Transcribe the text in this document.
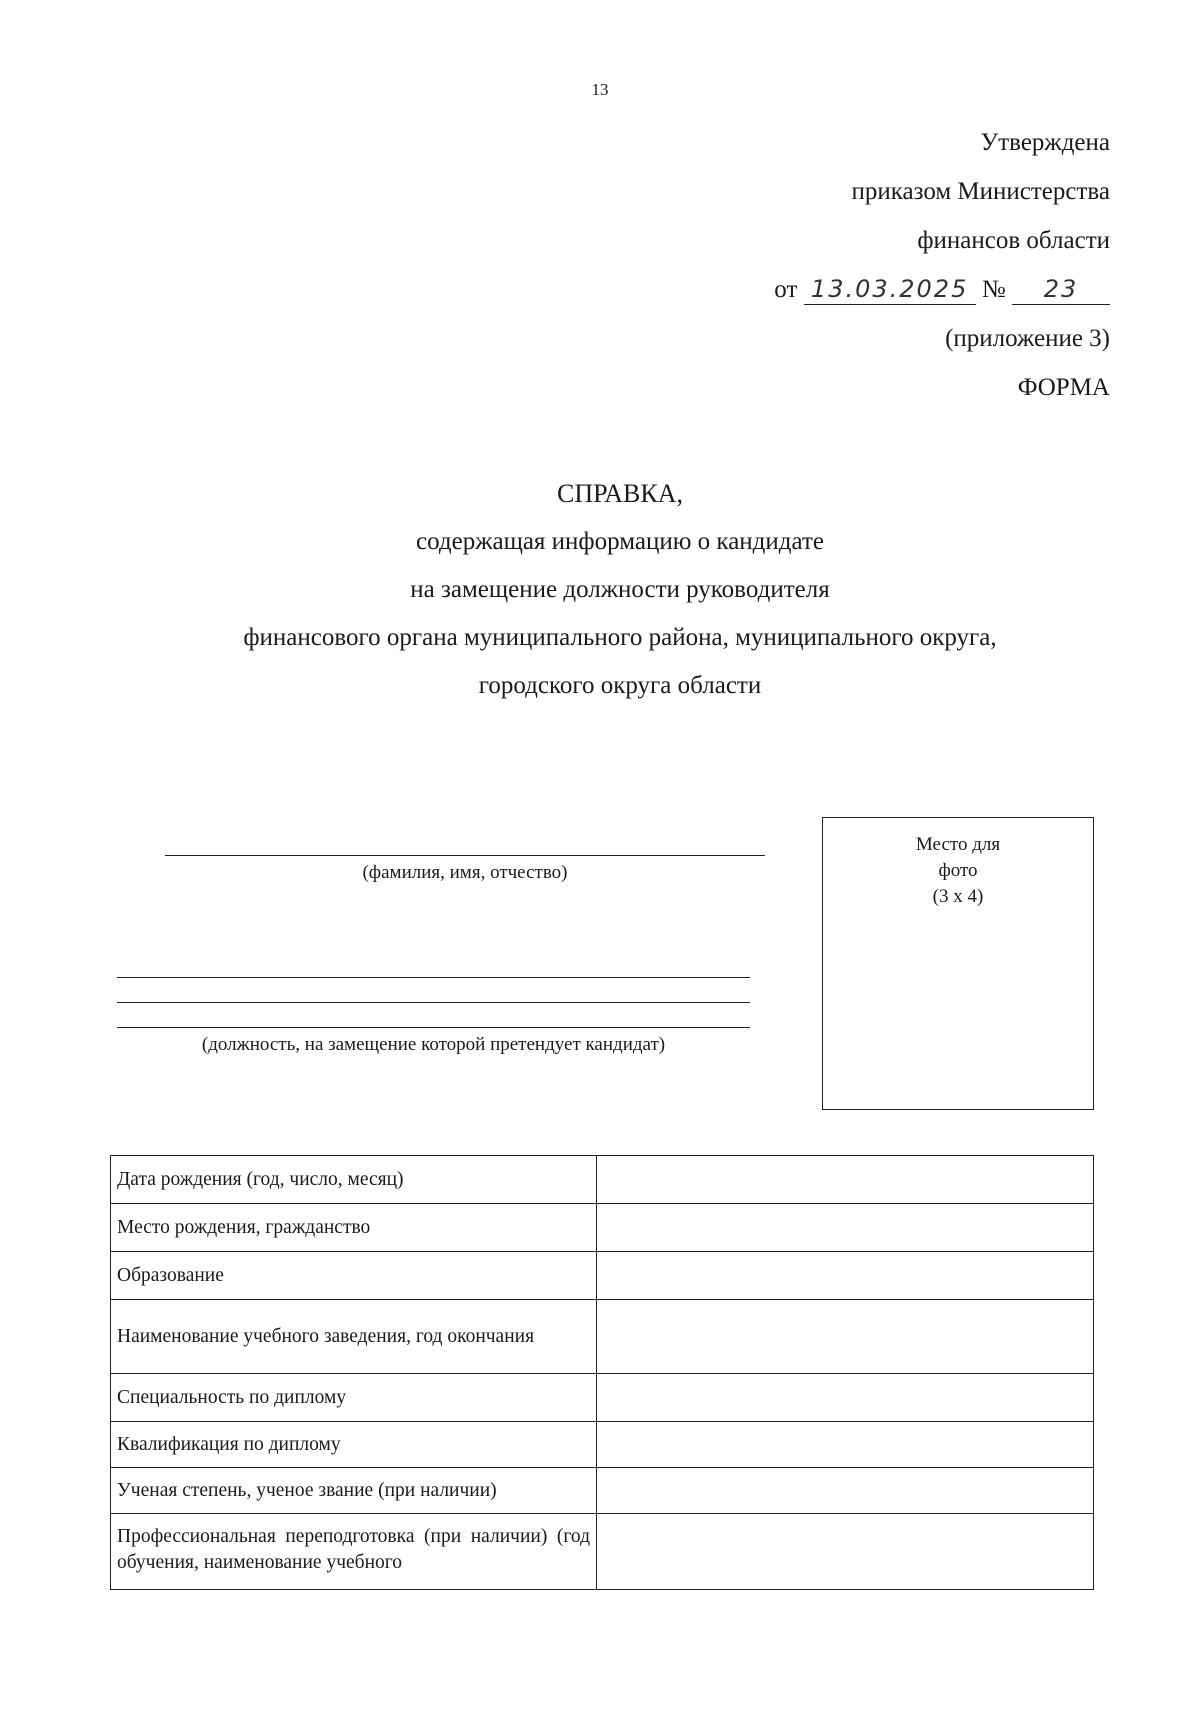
13
Утверждена
приказом Министерства
финансов области
от 13.03.2025 № 23
(приложение 3)
ФОРМА
СПРАВКА,
содержащая информацию о кандидате
на замещение должности руководителя
финансового органа муниципального района, муниципального округа,
городского округа области
(фамилия, имя, отчество)
(должность, на замещение которой претендует кандидат)
Место для
фото
(3 х 4)
Дата рождения (год, число, месяц)	
Место рождения, гражданство	
Образование	
Наименование учебного заведения, год окончания	
Специальность по диплому	
Квалификация по диплому	
Ученая степень, ученое звание (при наличии)	
Профессиональная переподготовка (при наличии) (год обучения, наименование учебного	
